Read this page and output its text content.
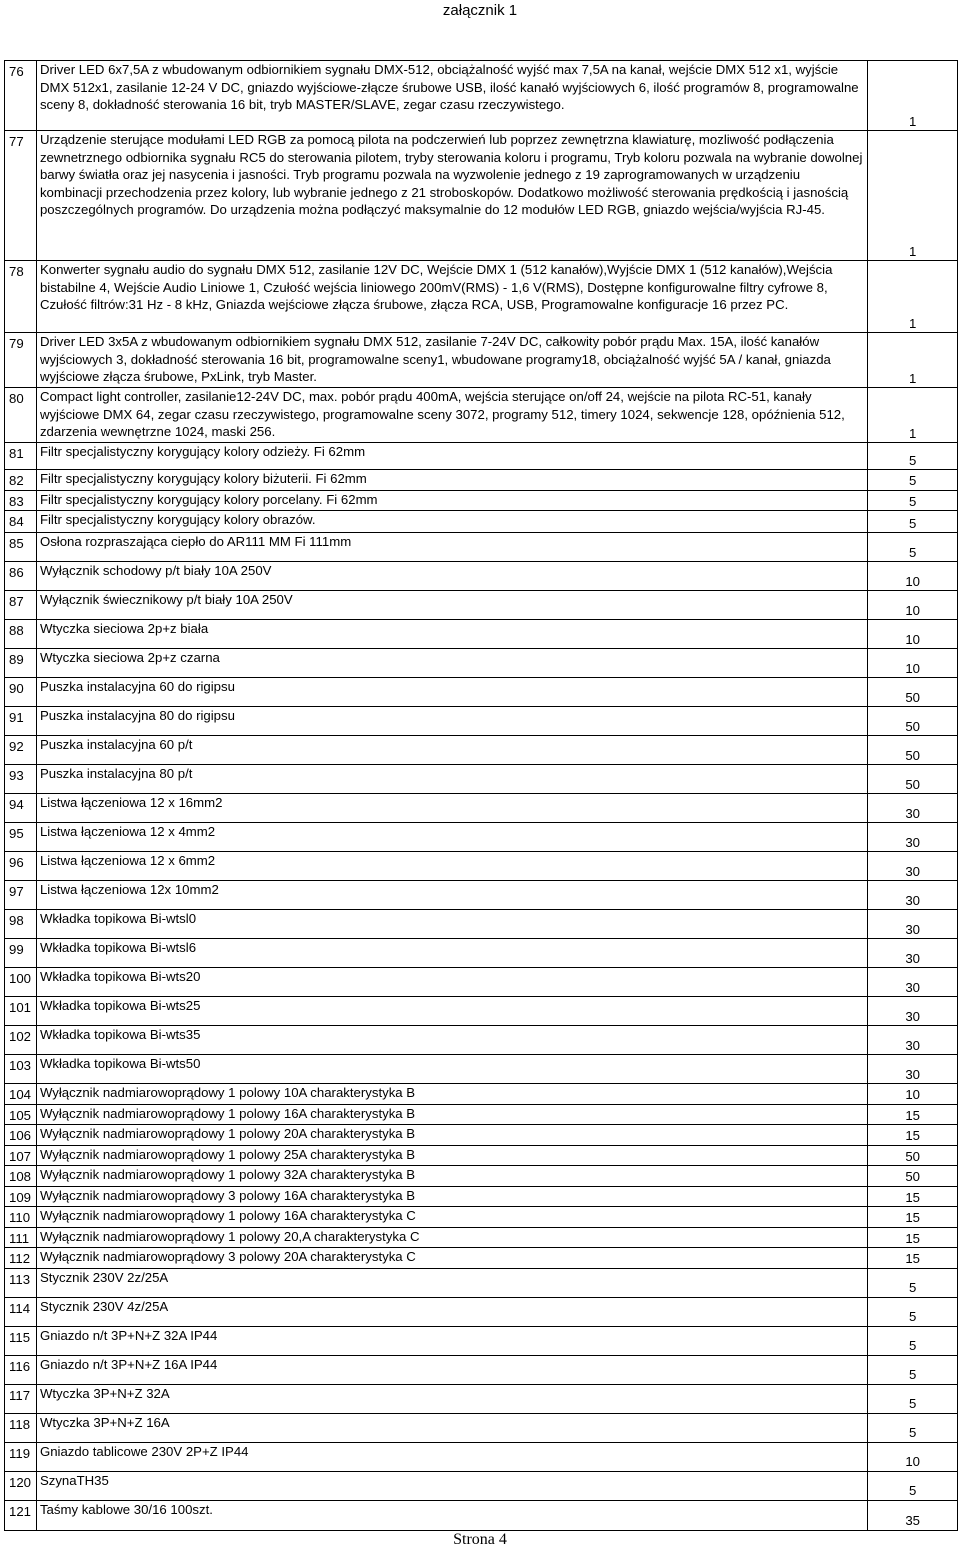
załącznik 1
76	Driver LED 6x7,5A z wbudowanym odbiornikiem sygnału DMX-512, obciążalność wyjść max 7,5A na kanał, wejście DMX 512 x1, wyjście DMX 512x1, zasilanie 12-24 V DC, gniazdo wyjściowe-złącze śrubowe USB, ilość kanałó wyjściowych 6, ilość programów 8, programowalne sceny 8, dokładność sterowania 16 bit, tryb MASTER/SLAVE, zegar czasu rzeczywistego.	1
77	Urządzenie sterujące modułami LED RGB za pomocą pilota na podczerwień lub poprzez zewnętrzna klawiaturę, mozliwość podłączenia zewnetrznego odbiornika sygnału RC5 do sterowania pilotem, tryby sterowania koloru i programu, Tryb koloru pozwala na wybranie dowolnej barwy światła oraz jej nasycenia i jasności. Tryb programu pozwala na wyzwolenie jednego z 19 zaprogramowanych w urządzeniu kombinacji przechodzenia przez kolory, lub wybranie jednego z 21 stroboskopów. Dodatkowo możliwość sterowania prędkością i jasnością poszczególnych programów. Do urządzenia można podłączyć maksymalnie do 12 modułów LED RGB, gniazdo wejścia/wyjścia RJ-45.	1
78	Konwerter sygnału audio do sygnału DMX 512, zasilanie 12V DC, Wejście DMX 1 (512 kanałów),Wyjście DMX 1 (512 kanałów),Wejścia bistabilne 4, Wejście Audio Liniowe 1, Czułość wejścia liniowego 200mV(RMS) - 1,6 V(RMS), Dostępne konfigurowalne filtry cyfrowe 8, Czułość filtrów:31 Hz - 8 kHz, Gniazda wejściowe złącza śrubowe, złącza RCA, USB, Programowalne konfiguracje 16 przez PC.	1
79	Driver LED 3x5A z wbudowanym odbiornikiem sygnału DMX 512, zasilanie 7-24V DC, całkowity pobór prądu Max. 15A, ilość kanałów wyjściowych 3, dokładność sterowania 16 bit, programowalne sceny1, wbudowane programy18, obciążalność wyjść 5A / kanał, gniazda wyjściowe złącza śrubowe, PxLink, tryb Master.	1
80	Compact light controller, zasilanie12-24V DC, max. pobór prądu 400mA, wejścia sterujące on/off 24, wejście na pilota RC-51, kanały wyjściowe DMX 64, zegar czasu rzeczywistego, programowalne sceny 3072, programy 512, timery 1024, sekwencje 128, opóźnienia 512, zdarzenia wewnętrzne 1024, maski 256.	1
81	Filtr specjalistyczny korygujący kolory odzieży. Fi 62mm	5
82	Filtr specjalistyczny korygujący kolory biżuterii. Fi 62mm	5
83	Filtr specjalistyczny korygujący kolory porcelany. Fi 62mm	5
84	Filtr specjalistyczny korygujący kolory obrazów.	5
85	Osłona rozpraszająca ciepło do AR111 MM Fi 111mm	5
86	Wyłącznik schodowy p/t biały 10A 250V	10
87	Wyłącznik świecznikowy p/t biały 10A 250V	10
88	Wtyczka sieciowa 2p+z biała	10
89	Wtyczka sieciowa 2p+z czarna	10
90	Puszka instalacyjna 60 do rigipsu	50
91	Puszka instalacyjna 80 do rigipsu	50
92	Puszka instalacyjna 60 p/t	50
93	Puszka instalacyjna 80 p/t	50
94	Listwa łączeniowa 12 x 16mm2	30
95	Listwa łączeniowa 12 x 4mm2	30
96	Listwa łączeniowa 12 x 6mm2	30
97	Listwa łączeniowa 12x 10mm2	30
98	Wkładka topikowa Bi-wtsl0	30
99	Wkładka topikowa Bi-wtsl6	30
100	Wkładka topikowa Bi-wts20	30
101	Wkładka topikowa Bi-wts25	30
102	Wkładka topikowa Bi-wts35	30
103	Wkładka topikowa Bi-wts50	30
104	Wyłącznik nadmiarowoprądowy 1 polowy 10A charakterystyka B	10
105	Wyłącznik nadmiarowoprądowy 1 polowy 16A charakterystyka B	15
106	Wyłącznik nadmiarowoprądowy 1 polowy 20A charakterystyka B	15
107	Wyłącznik nadmiarowoprądowy 1 polowy 25A charakterystyka B	50
108	Wyłącznik nadmiarowoprądowy 1 polowy 32A charakterystyka B	50
109	Wyłącznik nadmiarowoprądowy 3 polowy 16A charakterystyka B	15
110	Wyłącznik nadmiarowoprądowy 1 polowy 16A charakterystyka C	15
111	Wyłącznik nadmiarowoprądowy 1 polowy 20,A charakterystyka C	15
112	Wyłącznik nadmiarowoprądowy 3 polowy 20A charakterystyka C	15
113	Stycznik 230V 2z/25A	5
114	Stycznik 230V 4z/25A	5
115	Gniazdo n/t 3P+N+Z 32A IP44	5
116	Gniazdo n/t 3P+N+Z 16A IP44	5
117	Wtyczka 3P+N+Z 32A	5
118	Wtyczka 3P+N+Z 16A	5
119	Gniazdo tablicowe 230V 2P+Z IP44	10
120	SzynaTH35	5
121	Taśmy kablowe 30/16 100szt.	35
Strona 4
